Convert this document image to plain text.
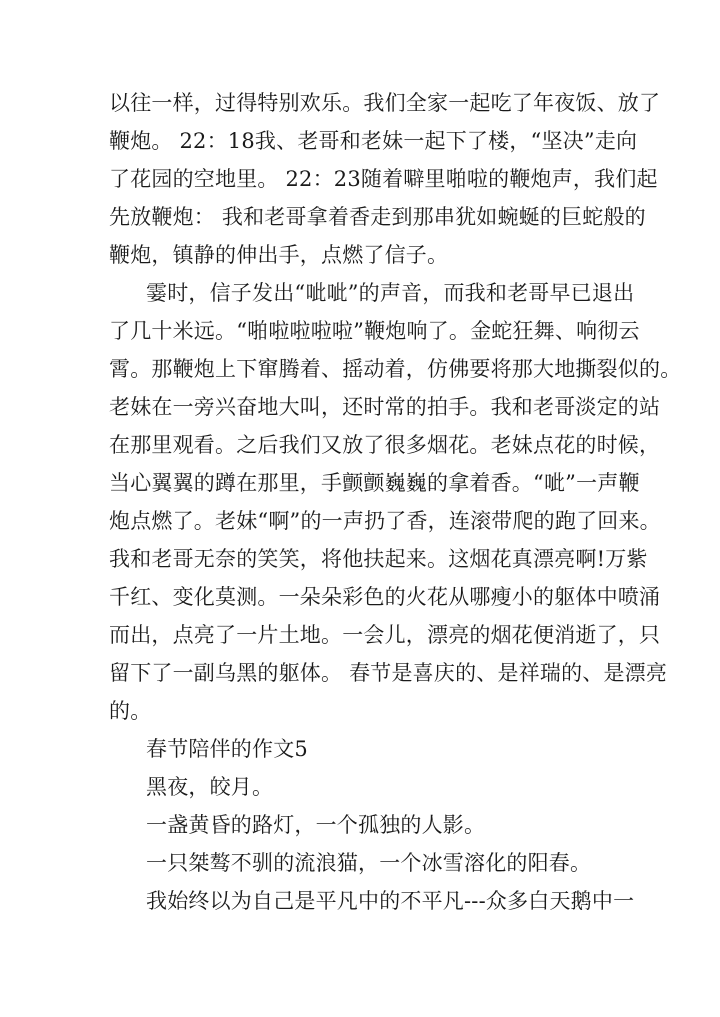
以往一样，过得特别欢乐。我们全家一起吃了年夜饭、放了
鞭炮。 22：18我、老哥和老妹一起下了楼，“坚决”走向
了花园的空地里。 22：23随着噼里啪啦的鞭炮声，我们起
先放鞭炮： 我和老哥拿着香走到那串犹如蜿蜒的巨蛇般的
鞭炮，镇静的伸出手，点燃了信子。
霎时，信子发出“呲呲”的声音，而我和老哥早已退出
了几十米远。“啪啦啦啦啦”鞭炮响了。金蛇狂舞、响彻云
霄。那鞭炮上下窜腾着、摇动着，仿佛要将那大地撕裂似的。
老妹在一旁兴奋地大叫，还时常的拍手。我和老哥淡定的站
在那里观看。之后我们又放了很多烟花。老妹点花的时候，
当心翼翼的蹲在那里，手颤颤巍巍的拿着香。“呲”一声鞭
炮点燃了。老妹“啊”的一声扔了香，连滚带爬的跑了回来。
我和老哥无奈的笑笑，将他扶起来。这烟花真漂亮啊!万紫
千红、变化莫测。一朵朵彩色的火花从哪瘦小的躯体中喷涌
而出，点亮了一片土地。一会儿，漂亮的烟花便消逝了，只
留下了一副乌黑的躯体。 春节是喜庆的、是祥瑞的、是漂亮
的。
春节陪伴的作文5
黑夜，皎月。
一盏黄昏的路灯，一个孤独的人影。
一只桀骜不驯的流浪猫，一个冰雪溶化的阳春。
我始终以为自己是平凡中的不平凡---众多白天鹅中一
